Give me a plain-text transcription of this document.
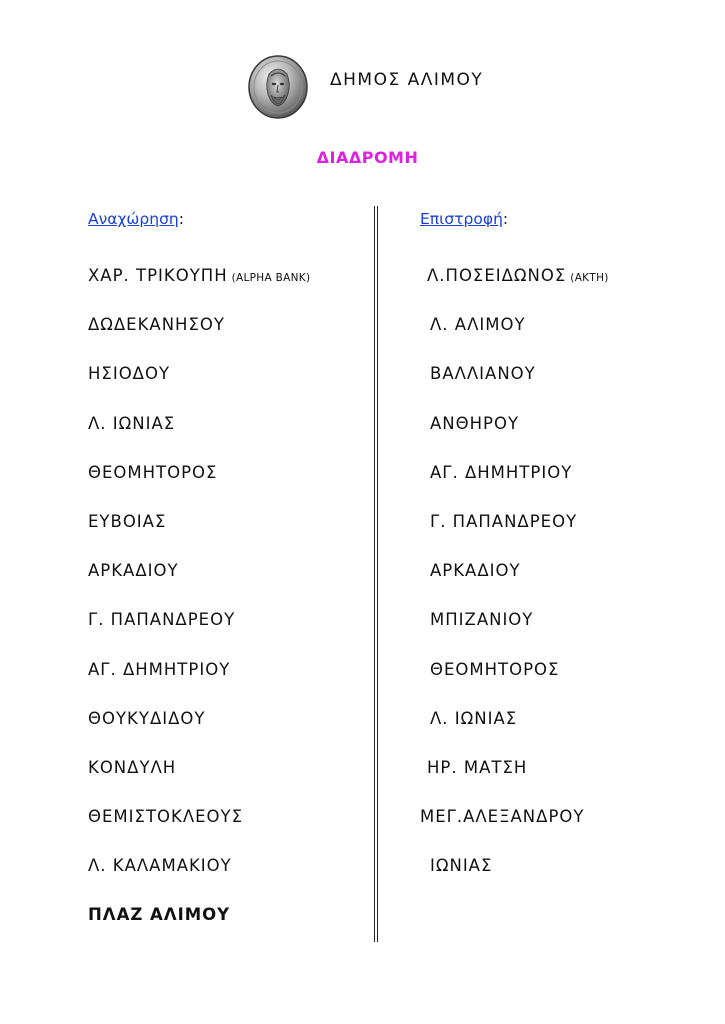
ΔΗΜΟΣ ΑΛΙΜΟΥ
ΔΙΑΔΡΟΜΗ
Αναχώρηση:	Επιστροφή:
ΧΑΡ. ΤΡΙΚΟΥΠΗ (ALPHA BANK)
ΔΩΔΕΚΑΝΗΣΟΥ
ΗΣΙΟΔΟΥ
Λ. ΙΩΝΙΑΣ
ΘΕΟΜΗΤΟΡΟΣ
ΕΥΒΟΙΑΣ
ΑΡΚΑΔΙΟΥ
Γ. ΠΑΠΑΝΔΡΕΟΥ
ΑΓ. ΔΗΜΗΤΡΙΟΥ
ΘΟΥΚΥΔΙΔΟΥ
ΚΟΝΔΥΛΗ
ΘΕΜΙΣΤΟΚΛΕΟΥΣ
Λ. ΚΑΛΑΜΑΚΙΟΥ
ΠΛΑΖ ΑΛΙΜΟΥ
Λ.ΠΟΣΕΙΔΩΝΟΣ (ΑΚΤΗ)
Λ. ΑΛΙΜΟΥ
ΒΑΛΛΙΑΝΟΥ
ΑΝΘΗΡΟΥ
ΑΓ. ΔΗΜΗΤΡΙΟΥ
Γ. ΠΑΠΑΝΔΡΕΟΥ
ΑΡΚΑΔΙΟΥ
ΜΠΙΖΑΝΙΟΥ
ΘΕΟΜΗΤΟΡΟΣ
Λ. ΙΩΝΙΑΣ
ΗΡ. ΜΑΤΣΗ
ΜΕΓ.ΑΛΕΞΑΝΔΡΟΥ
ΙΩΝΙΑΣ
